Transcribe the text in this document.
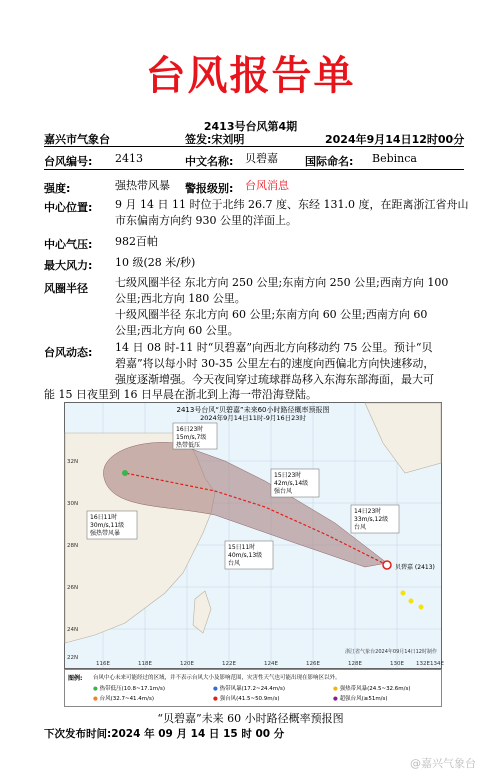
台风报告单
2413号台风第4期
嘉兴市气象台	签发:宋刘明	2024年9月14日12时00分
台风编号: 2413	中文名称: 贝碧嘉 国际命名: Bebinca
强度:	强热带风暴 警报级别: 台风消息
中心位置: 9 月 14 日 11 时位于北纬 26.7 度、东经 131.0 度，在距离浙江省舟山
市东偏南方向约 930 公里的洋面上。
中心气压: 982百帕
最大风力: 10 级(28 米/秒)
风圈半径 七级风圈半径 东北方向 250 公里;东南方向 250 公里;西南方向 100
公里;西北方向 180 公里。
十级风圈半径 东北方向 60 公里;东南方向 60 公里;西南方向 60
公里;西北方向 60 公里。
台风动态: 14 日 08 时-11 时“贝碧嘉”向西北方向移动约 75 公里。预计“贝
碧嘉”将以每小时 30-35 公里左右的速度向西偏北方向快速移动，
强度逐渐增强。今天夜间穿过琉球群岛移入东海东部海面，最大可
能 15 日夜里到 16 日早晨在浙北到上海一带沿海登陆。
16日23时
15m/s,7级
热带低压
16日11时
30m/s,11级
强热带风暴
15日23时
42m/s,14级
强台风
15日11时
40m/s,13级
台风
14日23时
33m/s,12级
台风
贝碧嘉 (2413)
2413号台风“贝碧嘉”未来60小时路径概率预报图
2024年9月14日11时-9月16日23时
32N
30N
28N
26N
24N
22N
116E	118E	120E	122E	124E	126E	128E	130E 132E 134E
浙江省气象台2024年09月14日12时制作
图例: 台风中心未来可能经过的区域，并不表示台风大小及影响范围，灾害性天气也可能出现在影响区以外。
● 热带低压(10.8~17.1m/s)	● 热带风暴(17.2~24.4m/s)	● 强热带风暴(24.5~32.6m/s)
● 台风(32.7~41.4m/s)	● 强台风(41.5~50.9m/s)	● 超强台风(≥51m/s)
“贝碧嘉”未来 60 小时路径概率预报图
下次发布时间:2024 年 09 月 14 日 15 时 00 分
@嘉兴气象台
